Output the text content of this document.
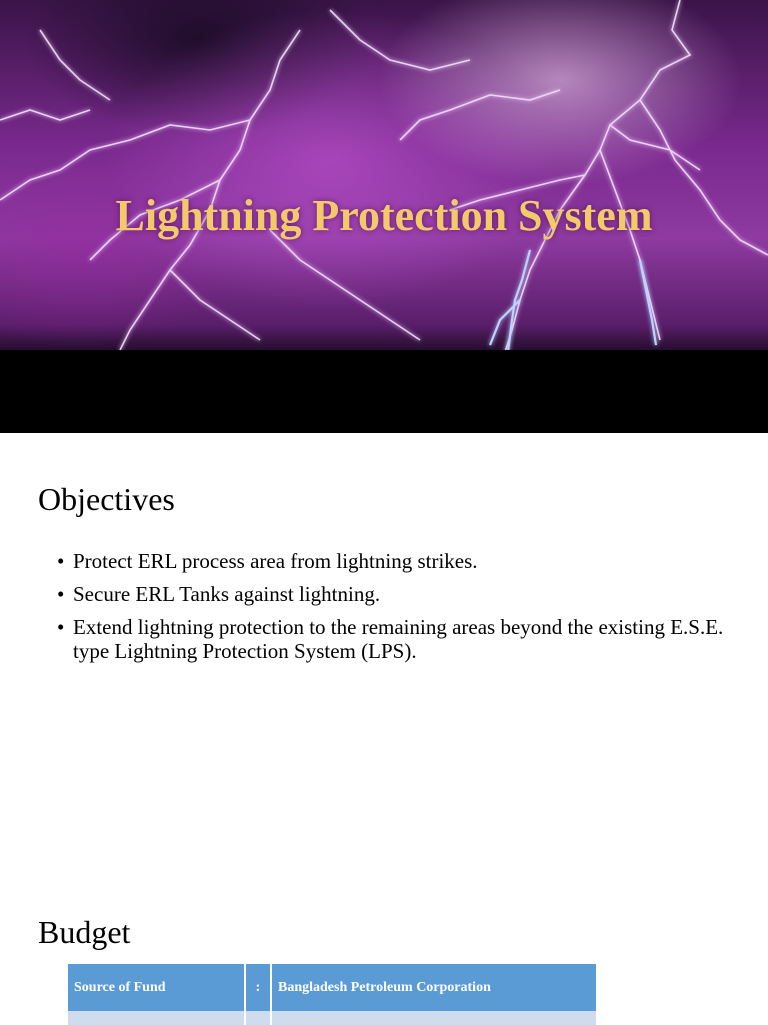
Lightning Protection System
Objectives
• Protect ERL process area from lightning strikes.
• Secure ERL Tanks against lightning.
• Extend lightning protection to the remaining areas beyond the existing E.S.E. type Lightning Protection System (LPS).
Budget
Source of Fund	:	Bangladesh Petroleum Corporation
